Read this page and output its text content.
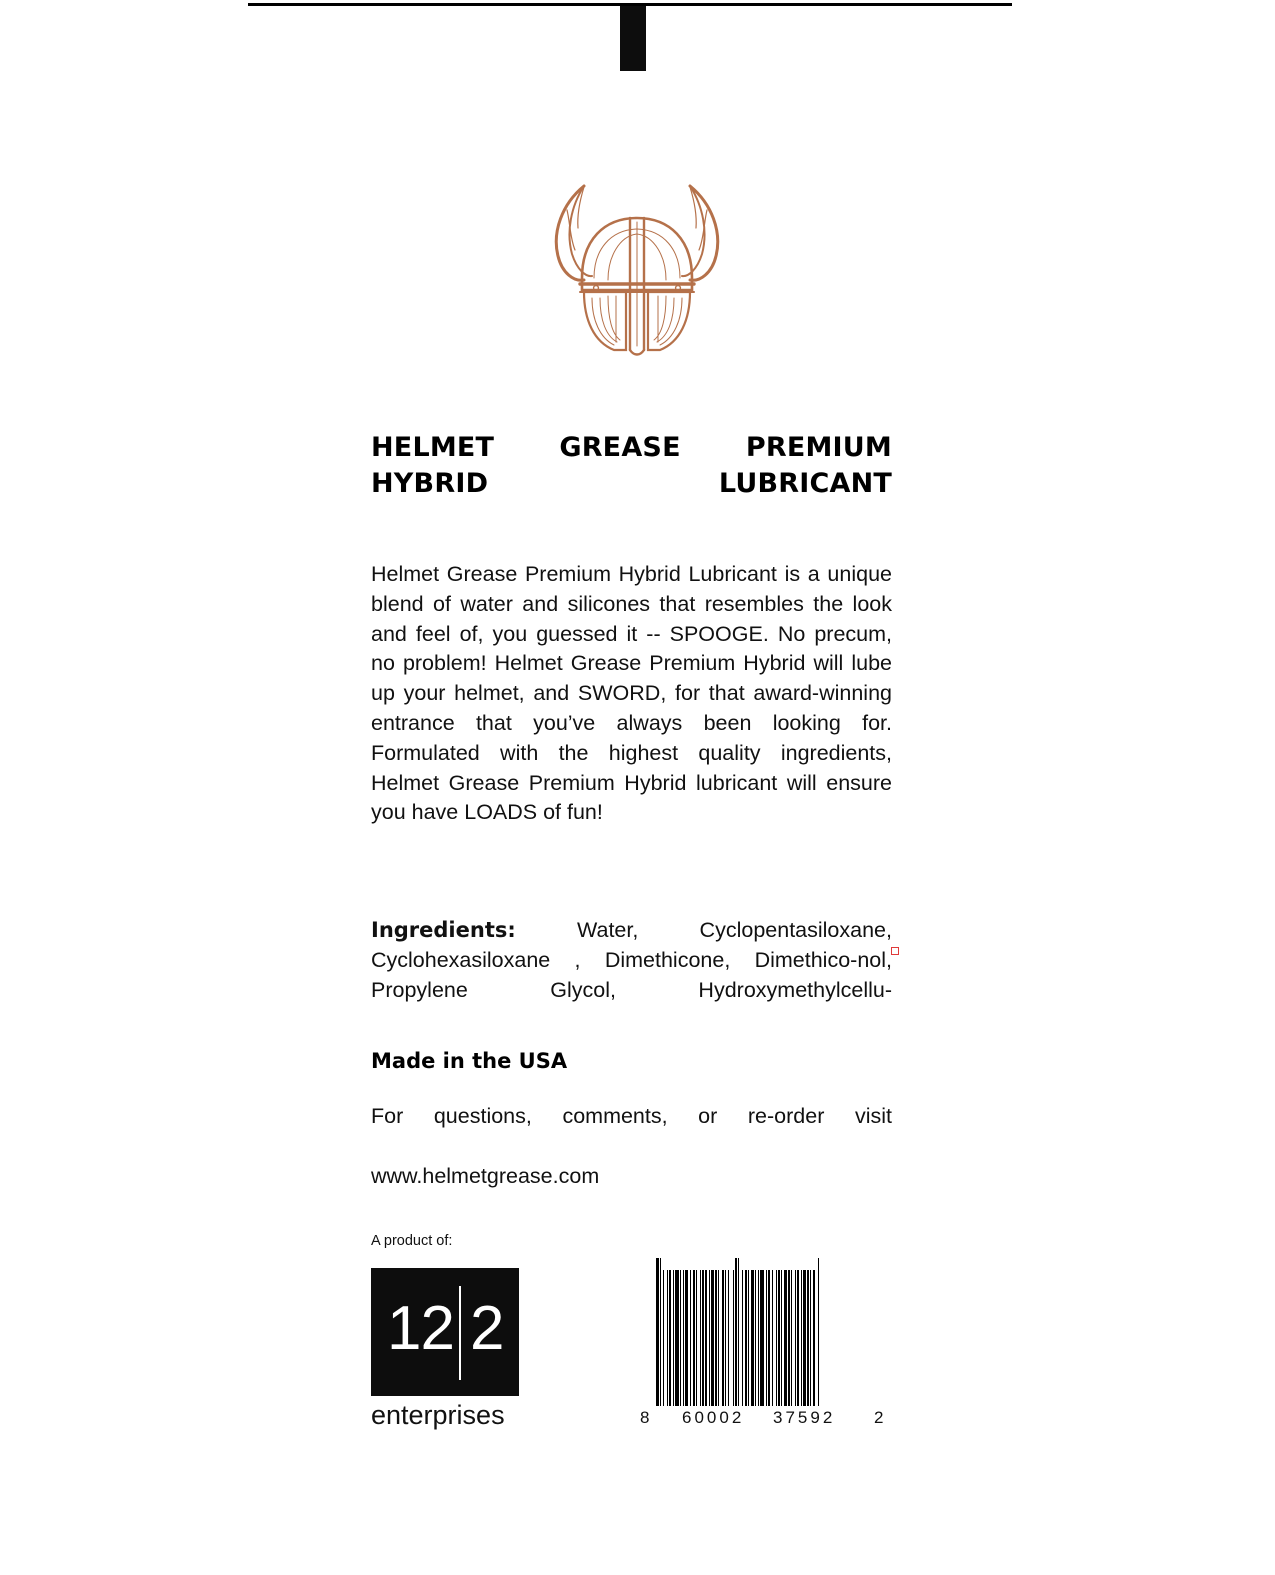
HELMET GREASE PREMIUM HYBRID LUBRICANT

Helmet Grease Premium Hybrid Lubricant is a unique blend of water and silicones that resembles the look and feel of, you guessed it -- SPOOGE. No precum, no problem! Helmet Grease Premium Hybrid will lube up your helmet, and SWORD, for that award-winning entrance that you’ve always been looking for. Formulated with the highest quality ingredients, Helmet Grease Premium Hybrid lubricant will ensure you have LOADS of fun!

Ingredients:	Water, Cyclopentasiloxane, Cyclohexasiloxane , Dimethicone, Dimethico-nol, Propylene Glycol, Hydroxymethylcellu-

Made in the USA

For questions, comments, or re-order visit
www.helmetgrease.com

A product of:
12 2
enterprises	8 60002 37592 2
